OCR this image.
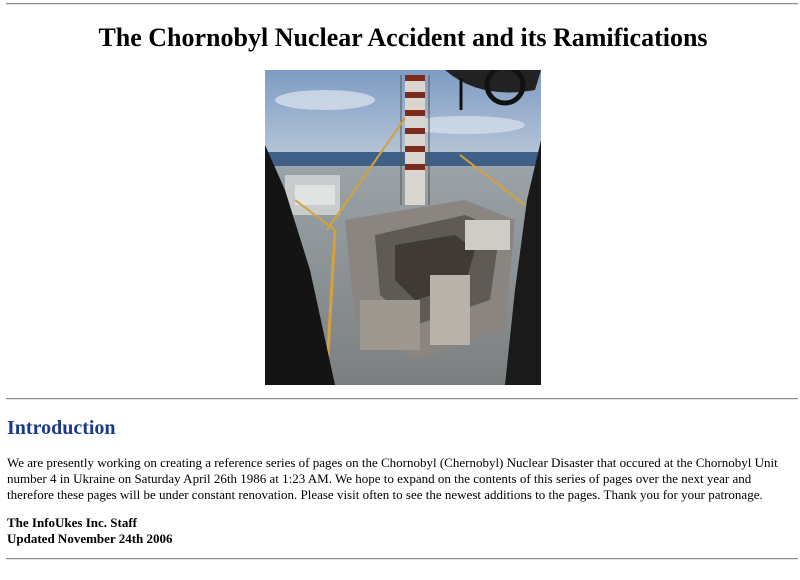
The Chornobyl Nuclear Accident and its Ramifications
Introduction

We are presently working on creating a reference series of pages on the Chornobyl (Chernobyl) Nuclear Disaster that occured at the Chornobyl Unit number 4 in Ukraine on Saturday April 26th 1986 at 1:23 AM. We hope to expand on the contents of this series of pages over the next year and therefore these pages will be under constant renovation. Please visit often to see the newest additions to the pages. Thank you for your patronage.

The InfoUkes Inc. Staff
Updated November 24th 2006
